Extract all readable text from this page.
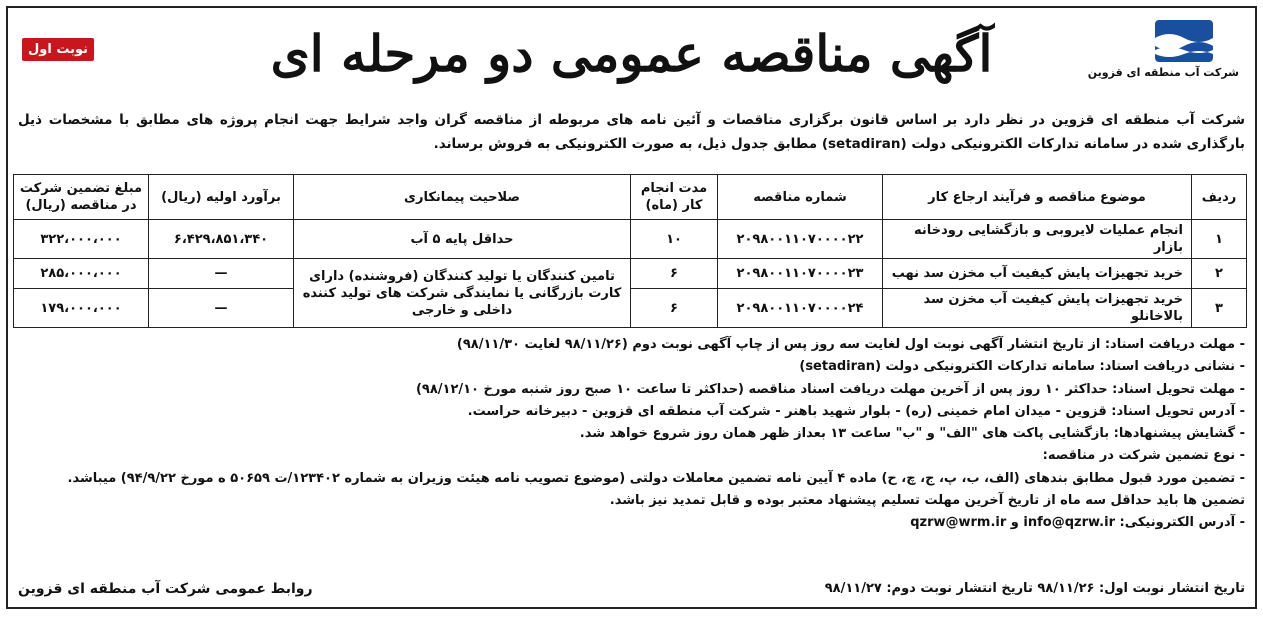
شرکت آب منطقه ای قزوین
آگهی مناقصه عمومی دو مرحله ای
نوبت اول
شرکت آب منطقه ای قزوین در نظر دارد بر اساس قانون برگزاری مناقصات و آئین نامه های مربوطه از مناقصه گران واجد شرایط جهت انجام پروژه های مطابق با مشخصات ذیل بارگذاری شده در سامانه تدارکات الکترونیکی دولت (setadiran) مطابق جدول ذیل، به صورت الکترونیکی به فروش برساند.
ردیف	موضوع مناقصه و فرآیند ارجاع کار	شماره مناقصه	مدت انجام کار (ماه)	صلاحیت پیمانکاری	برآورد اولیه (ریال)	مبلغ تضمین شرکت در مناقصه (ریال)
۱	انجام عملیات لایروبی و بازگشایی رودخانه بازار	۲۰۹۸۰۰۱۱۰۷۰۰۰۰۲۲	۱۰	حداقل پایه ۵ آب	۶،۴۲۹،۸۵۱،۳۴۰	۳۲۲،۰۰۰،۰۰۰
۲	خرید تجهیزات پایش کیفیت آب مخزن سد نهب	۲۰۹۸۰۰۱۱۰۷۰۰۰۰۲۳	۶	تامین کنندگان یا تولید کنندگان (فروشنده) دارای کارت بازرگانی یا نمایندگی شرکت های تولید کننده داخلی و خارجی	—	۲۸۵،۰۰۰،۰۰۰
۳	خرید تجهیزات پایش کیفیت آب مخزن سد بالاخانلو	۲۰۹۸۰۰۱۱۰۷۰۰۰۰۲۴	۶		—	۱۷۹،۰۰۰،۰۰۰
- مهلت دریافت اسناد: از تاریخ انتشار آگهی نوبت اول لغایت سه روز پس از چاپ آگهی نوبت دوم (۹۸/۱۱/۲۶ لغایت ۹۸/۱۱/۳۰)
- نشانی دریافت اسناد: سامانه تدارکات الکترونیکی دولت (setadiran)
- مهلت تحویل اسناد: حداکثر ۱۰ روز پس از آخرین مهلت دریافت اسناد مناقصه (حداکثر تا ساعت ۱۰ صبح روز شنبه مورخ ۹۸/۱۲/۱۰)
- آدرس تحویل اسناد: قزوین - میدان امام خمینی (ره) - بلوار شهید باهنر - شرکت آب منطقه ای قزوین - دبیرخانه حراست.
- گشایش پیشنهادها: بازگشایی پاکت های "الف" و "ب" ساعت ۱۳ بعداز ظهر همان روز شروع خواهد شد.
- نوع تضمین شرکت در مناقصه:
- تضمین مورد قبول مطابق بندهای (الف، ب، پ، ج، چ، ح) ماده ۴ آیین نامه تضمین معاملات دولتی (موضوع تصویب نامه هیئت وزیران به شماره ۱۲۳۴۰۲/ت ۵۰۶۵۹ ه مورخ ۹۴/۹/۲۲) میباشد.
تضمین ها باید حداقل سه ماه از تاریخ آخرین مهلت تسلیم پیشنهاد معتبر بوده و قابل تمدید نیز باشد.
- آدرس الکترونیکی: info@qzrw.ir و qzrw@wrm.ir
تاریخ انتشار نوبت اول: ۹۸/۱۱/۲۶ تاریخ انتشار نوبت دوم: ۹۸/۱۱/۲۷
روابط عمومی شرکت آب منطقه ای قزوین
